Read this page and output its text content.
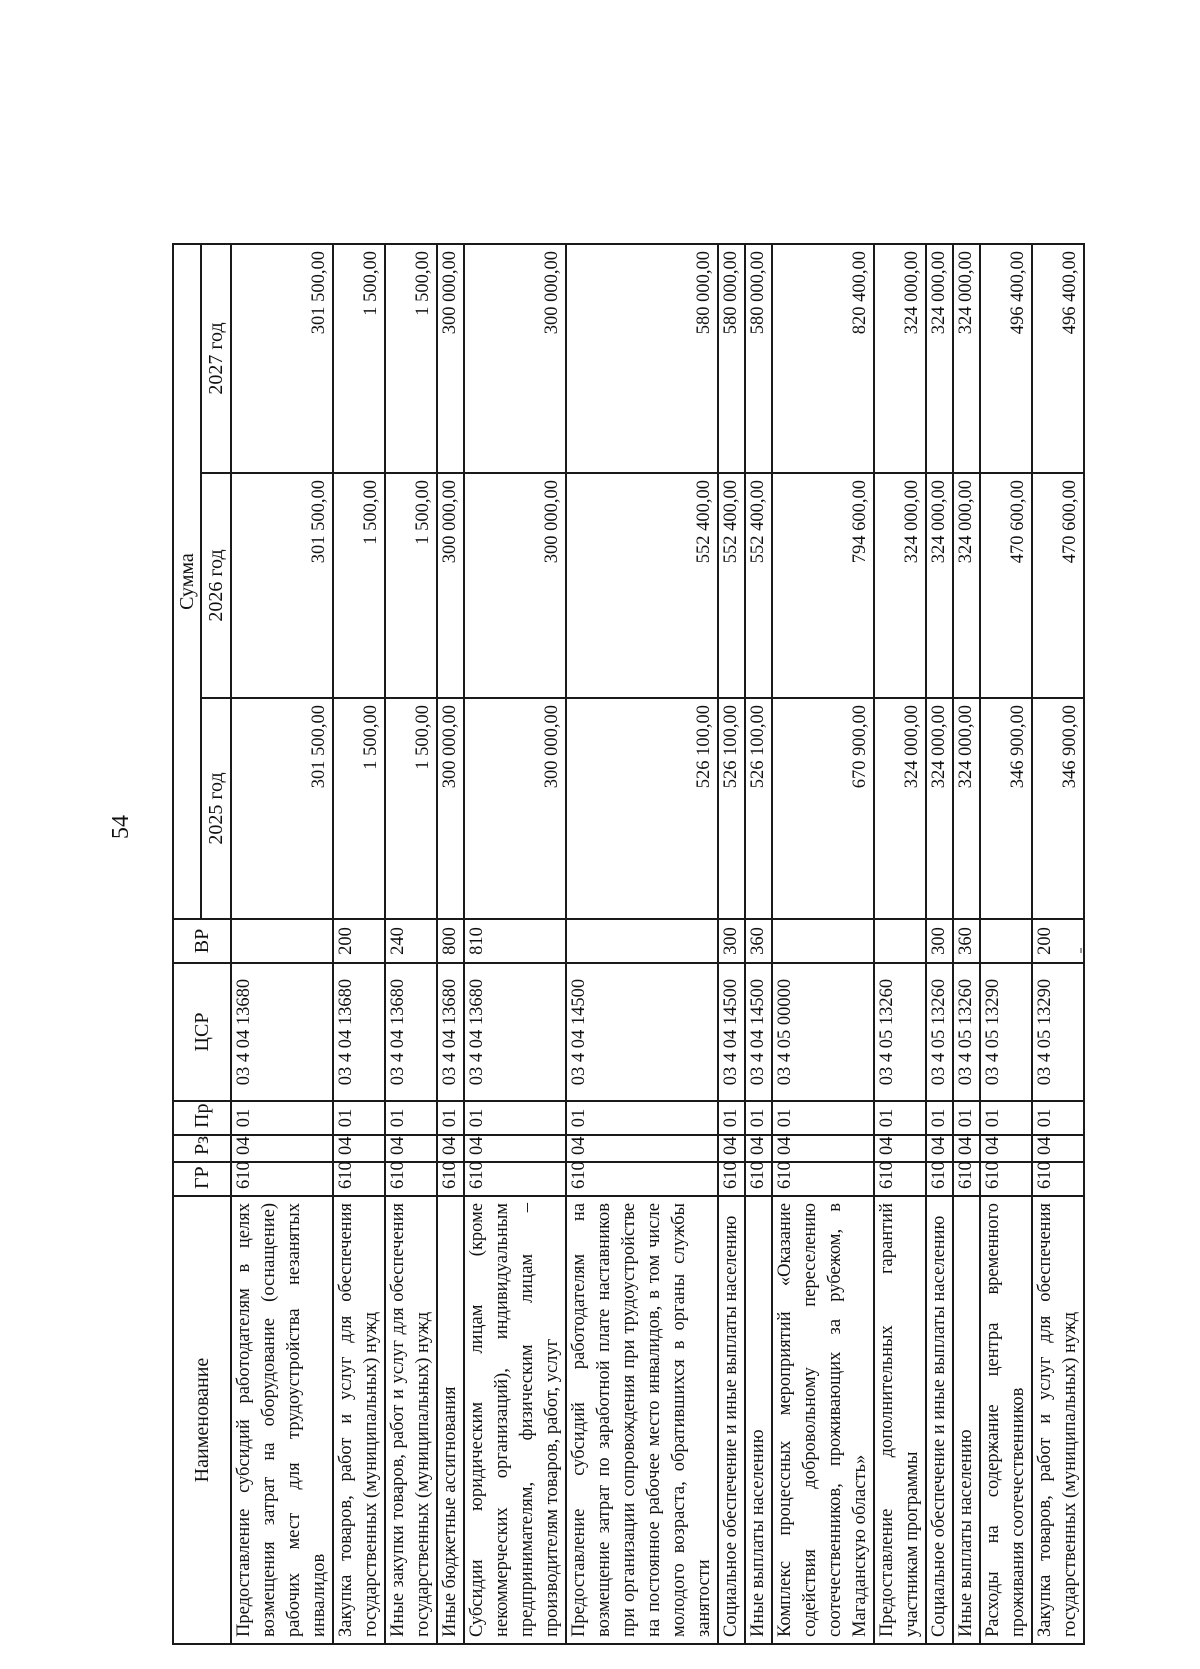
54
Наименование	ГР	Рз	Пр	ЦСР	ВР	Сумма		
						2025 год	2026 год	2027 год
Предоставление субсидий работодателям в целях возмещения затрат на оборудование (оснащение) рабочих мест для трудоустройства незанятых инвалидов	610	04	01	03 4 04 13680		301 500,00	301 500,00	301 500,00
Закупка товаров, работ и услуг для обеспечения государственных (муниципальных) нужд	610	04	01	03 4 04 13680	200	1 500,00	1 500,00	1 500,00
Иные закупки товаров, работ и услуг для обеспечения государственных (муниципальных) нужд	610	04	01	03 4 04 13680	240	1 500,00	1 500,00	1 500,00
Иные бюджетные ассигнования	610	04	01	03 4 04 13680	800	300 000,00	300 000,00	300 000,00
Субсидии юридическим лицам (кроме некоммерческих организаций), индивидуальным предпринимателям, физическим лицам – производителям товаров, работ, услуг	610	04	01	03 4 04 13680	810	300 000,00	300 000,00	300 000,00
Предоставление субсидий работодателям на возмещение затрат по заработной плате наставников при организации сопровождения при трудоустройстве на постоянное рабочее место инвалидов, в том числе молодого возраста, обратившихся в органы службы занятости	610	04	01	03 4 04 14500		526 100,00	552 400,00	580 000,00
Социальное обеспечение и иные выплаты населению	610	04	01	03 4 04 14500	300	526 100,00	552 400,00	580 000,00
Иные выплаты населению	610	04	01	03 4 04 14500	360	526 100,00	552 400,00	580 000,00
Комплекс процессных мероприятий «Оказание содействия добровольному переселению соотечественников, проживающих за рубежом, в Магаданскую область»	610	04	01	03 4 05 00000		670 900,00	794 600,00	820 400,00
Предоставление дополнительных гарантий участникам программы	610	04	01	03 4 05 13260		324 000,00	324 000,00	324 000,00
Социальное обеспечение и иные выплаты населению	610	04	01	03 4 05 13260	300	324 000,00	324 000,00	324 000,00
Иные выплаты населению	610	04	01	03 4 05 13260	360	324 000,00	324 000,00	324 000,00
Расходы на содержание центра временного проживания соотечественников	610	04	01	03 4 05 13290		346 900,00	470 600,00	496 400,00
Закупка товаров, работ и услуг для обеспечения государственных (муниципальных) нужд	610	04	01	03 4 05 13290	200	346 900,00	470 600,00	496 400,00
